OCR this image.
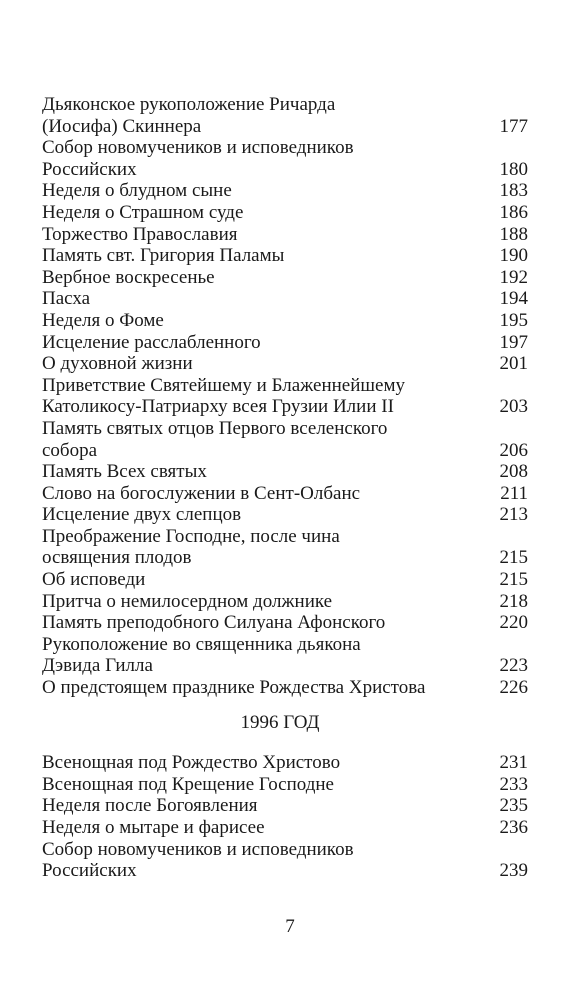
Дьяконское рукоположение Ричарда
(Иосифа) Скиннера	177
Собор новомучеников и исповедников
Российских	180
Неделя о блудном сыне	183
Неделя о Страшном суде	186
Торжество Православия	188
Память свт. Григория Паламы	190
Вербное воскресенье	192
Пасха	194
Неделя о Фоме	195
Исцеление расслабленного	197
О духовной жизни	201
Приветствие Святейшему и Блаженнейшему
Католикосу-Патриарху всея Грузии Илии II	203
Память святых отцов Первого вселенского
собора	206
Память Всех святых	208
Слово на богослужении в Сент-Олбанс	211
Исцеление двух слепцов	213
Преображение Господне, после чина
освящения плодов	215
Об исповеди	215
Притча о немилосердном должнике	218
Память преподобного Силуана Афонского	220
Рукоположение во священника дьякона
Дэвида Гилла	223
О предстоящем празднике Рождества Христова	226
1996 ГОД
Всенощная под Рождество Христово	231
Всенощная под Крещение Господне	233
Неделя после Богоявления	235
Неделя о мытаре и фарисее	236
Собор новомучеников и исповедников
Российских	239
7
